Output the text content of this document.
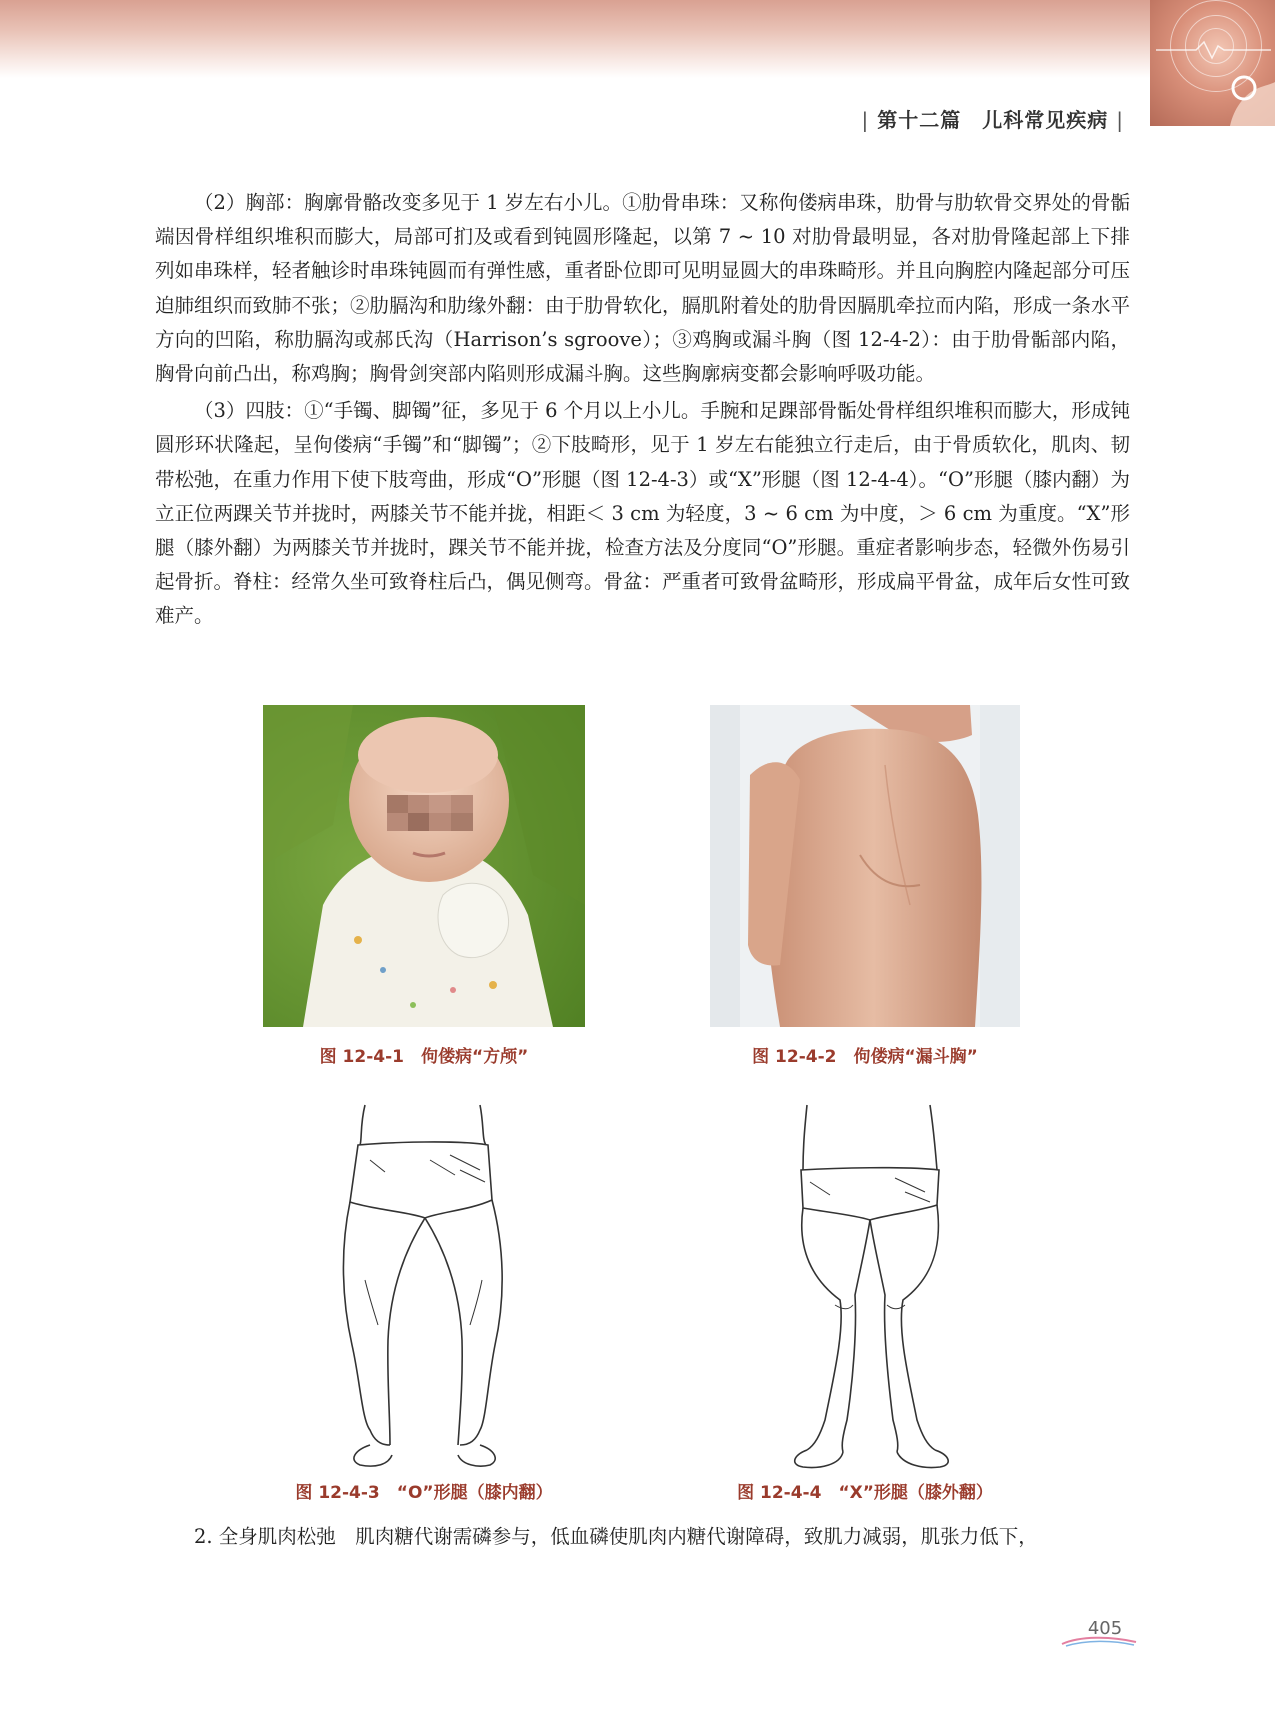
| 第十二篇　儿科常见疾病 |

（2）胸部：胸廓骨骼改变多见于 1 岁左右小儿。①肋骨串珠：又称佝偻病串珠，肋骨与肋软骨交界处的骨骺端因骨样组织堆积而膨大，局部可扪及或看到钝圆形隆起，以第 7 ~ 10 对肋骨最明显，各对肋骨隆起部上下排列如串珠样，轻者触诊时串珠钝圆而有弹性感，重者卧位即可见明显圆大的串珠畸形。并且向胸腔内隆起部分可压迫肺组织而致肺不张；②肋膈沟和肋缘外翻：由于肋骨软化，膈肌附着处的肋骨因膈肌牵拉而内陷，形成一条水平方向的凹陷，称肋膈沟或郝氏沟（Harrison’s sgroove）；③鸡胸或漏斗胸（图 12-4-2）：由于肋骨骺部内陷，胸骨向前凸出，称鸡胸；胸骨剑突部内陷则形成漏斗胸。这些胸廓病变都会影响呼吸功能。

（3）四肢：①“手镯、脚镯”征，多见于 6 个月以上小儿。手腕和足踝部骨骺处骨样组织堆积而膨大，形成钝圆形环状隆起，呈佝偻病“手镯”和“脚镯”；②下肢畸形，见于 1 岁左右能独立行走后，由于骨质软化，肌肉、韧带松弛，在重力作用下使下肢弯曲，形成“O”形腿（图 12-4-3）或“X”形腿（图 12-4-4）。“O”形腿（膝内翻）为立正位两踝关节并拢时，两膝关节不能并拢，相距＜ 3 cm 为轻度，3 ~ 6 cm 为中度，＞ 6 cm 为重度。“X”形腿（膝外翻）为两膝关节并拢时，踝关节不能并拢，检查方法及分度同“O”形腿。重症者影响步态，轻微外伤易引起骨折。脊柱：经常久坐可致脊柱后凸，偶见侧弯。骨盆：严重者可致骨盆畸形，形成扁平骨盆，成年后女性可致难产。

图 12-4-1　佝偻病“方颅”	图 12-4-2　佝偻病“漏斗胸”
图 12-4-3　“O”形腿（膝内翻）	图 12-4-4　“X”形腿（膝外翻）

2. 全身肌肉松弛　肌肉糖代谢需磷参与，低血磷使肌肉内糖代谢障碍，致肌力减弱，肌张力低下，

405
